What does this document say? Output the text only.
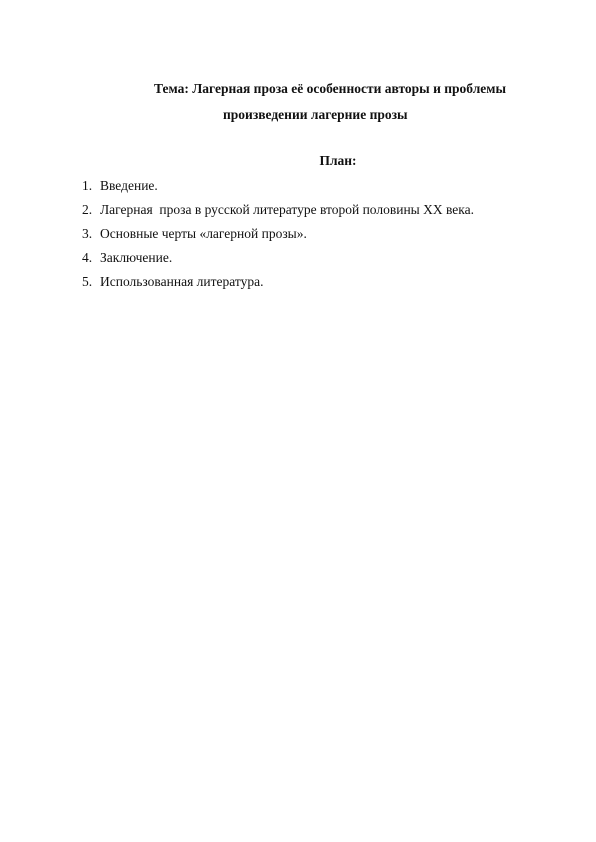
Тема: Лагерная проза её особенности авторы и проблемы
произведении лагерние прозы
План:
1. Введение.
2. Лагерная  проза в русской литературе второй половины XX века.
3. Основные черты «лагерной прозы».
4. Заключение.
5. Использованная литература.
